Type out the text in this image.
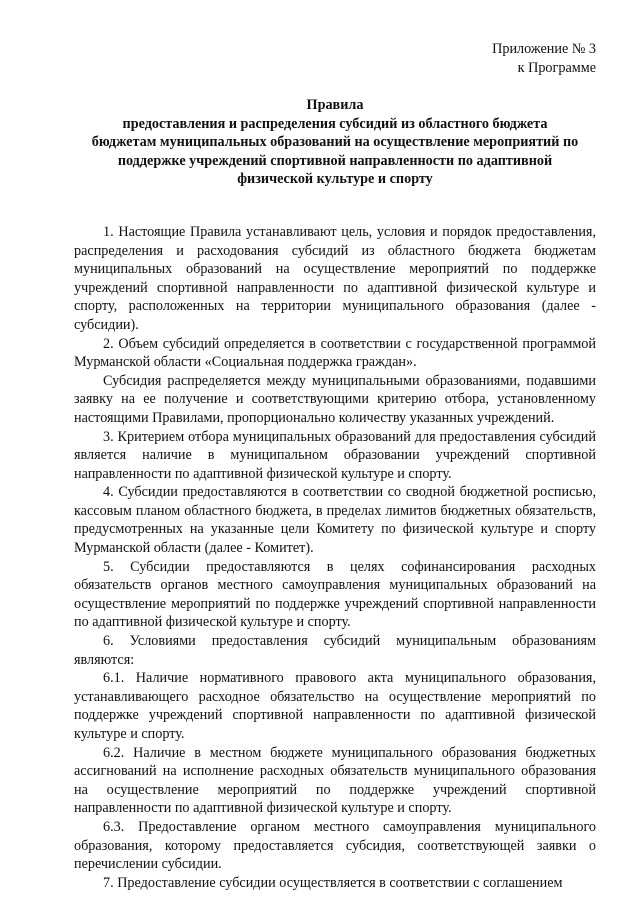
Приложение № 3
к Программе
Правила
предоставления и распределения субсидий из областного бюджета
бюджетам муниципальных образований на осуществление мероприятий по
поддержке учреждений спортивной направленности по адаптивной
физической культуре и спорту

1. Настоящие Правила устанавливают цель, условия и порядок предоставления, распределения и расходования субсидий из областного бюджета бюджетам муниципальных образований на осуществление мероприятий по поддержке учреждений спортивной направленности по адаптивной физической культуре и спорту, расположенных на территории муниципального образования (далее - субсидии).

2. Объем субсидий определяется в соответствии с государственной программой Мурманской области «Социальная поддержка граждан».

Субсидия распределяется между муниципальными образованиями, подавшими заявку на ее получение и соответствующими критерию отбора, установленному настоящими Правилами, пропорционально количеству указанных учреждений.

3. Критерием отбора муниципальных образований для предоставления субсидий является наличие в муниципальном образовании учреждений спортивной направленности по адаптивной физической культуре и спорту.

4. Субсидии предоставляются в соответствии со сводной бюджетной росписью, кассовым планом областного бюджета, в пределах лимитов бюджетных обязательств, предусмотренных на указанные цели Комитету по физической культуре и спорту Мурманской области (далее - Комитет).

5. Субсидии предоставляются в целях софинансирования расходных обязательств органов местного самоуправления муниципальных образований на осуществление мероприятий по поддержке учреждений спортивной направленности по адаптивной физической культуре и спорту.

6. Условиями предоставления субсидий муниципальным образованиям являются:

6.1. Наличие нормативного правового акта муниципального образования, устанавливающего расходное обязательство на осуществление мероприятий по поддержке учреждений спортивной направленности по адаптивной физической культуре и спорту.

6.2. Наличие в местном бюджете муниципального образования бюджетных ассигнований на исполнение расходных обязательств муниципального образования на осуществление мероприятий по поддержке учреждений спортивной направленности по адаптивной физической культуре и спорту.

6.3. Предоставление органом местного самоуправления муниципального образования, которому предоставляется субсидия, соответствующей заявки о перечислении субсидии.

7. Предоставление субсидии осуществляется в соответствии с соглашением
